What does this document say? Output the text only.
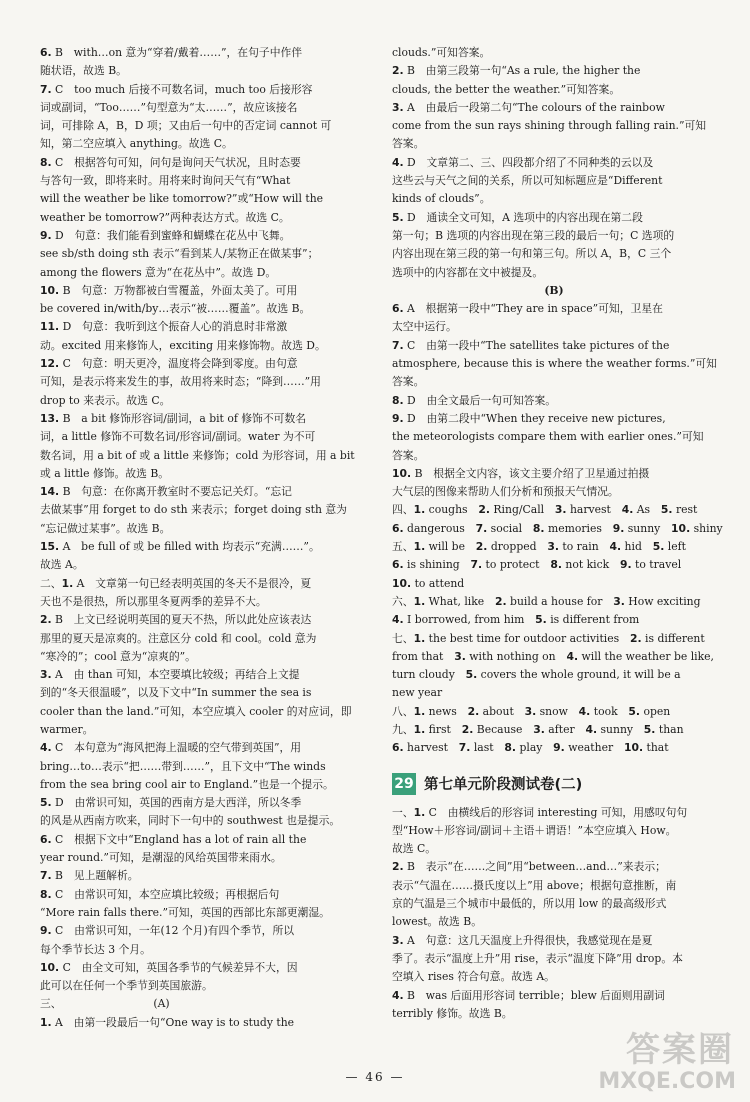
6. B　with…on 意为“穿着/戴着……”，在句子中作伴
随状语，故选 B。
7. C　too much 后接不可数名词，much too 后接形容
词或副词，“Too……”句型意为“太……”，故应该接名
词，可排除 A，B，D 项；又由后一句中的否定词 cannot 可
知，第二空应填入 anything。故选 C。
8. C　根据答句可知，问句是询问天气状况，且时态要
与答句一致，即将来时。用将来时询问天气有“What
will the weather be like tomorrow?”或“How will the
weather be tomorrow?”两种表达方式。故选 C。
9. D　句意：我们能看到蜜蜂和蝴蝶在花丛中飞舞。
see sb/sth doing sth 表示“看到某人/某物正在做某事”；
among the flowers 意为“在花丛中”。故选 D。
10. B　句意：万物都被白雪覆盖，外面太美了。可用
be covered in/with/by…表示“被……覆盖”。故选 B。
11. D　句意：我听到这个振奋人心的消息时非常激
动。excited 用来修饰人，exciting 用来修饰物。故选 D。
12. C　句意：明天更冷，温度将会降到零度。由句意
可知，是表示将来发生的事，故用将来时态；“降到……”用
drop to 来表示。故选 C。
13. B　a bit 修饰形容词/副词，a bit of 修饰不可数名
词，a little 修饰不可数名词/形容词/副词。water 为不可
数名词，用 a bit of 或 a little 来修饰；cold 为形容词，用 a bit
或 a little 修饰。故选 B。
14. B　句意：在你离开教室时不要忘记关灯。“忘记
去做某事”用 forget to do sth 来表示；forget doing sth 意为
“忘记做过某事”。故选 B。
15. A　be full of 或 be filled with 均表示“充满……”。
故选 A。
二、1. A　文章第一句已经表明英国的冬天不是很冷，夏
天也不是很热，所以那里冬夏两季的差异不大。
2. B　上文已经说明英国的夏天不热，所以此处应该表达
那里的夏天是凉爽的。注意区分 cold 和 cool。cold 意为
“寒冷的”；cool 意为“凉爽的”。
3. A　由 than 可知，本空要填比较级；再结合上文提
到的“冬天很温暖”，以及下文中“In summer the sea is
cooler than the land.”可知，本空应填入 cooler 的对应词，即
warmer。
4. C　本句意为“海风把海上温暖的空气带到英国”，用
bring…to…表示“把……带到……”，且下文中“The winds
from the sea bring cool air to England.”也是一个提示。
5. D　由常识可知，英国的西南方是大西洋，所以冬季
的风是从西南方吹来，同时下一句中的 southwest 也是提示。
6. C　根据下文中“England has a lot of rain all the
year round.”可知，是潮湿的风给英国带来雨水。
7. B　见上题解析。
8. C　由常识可知，本空应填比较级；再根据后句
“More rain falls there.”可知，英国的西部比东部更潮湿。
9. C　由常识可知，一年(12 个月)有四个季节，所以
每个季节长达 3 个月。
10. C　由全文可知，英国各季节的气候差异不大，因
此可以在任何一个季节到英国旅游。
三、　　　　　　　　　(A)
1. A　由第一段最后一句“One way is to study the
clouds.”可知答案。
2. B　由第三段第一句“As a rule, the higher the
clouds, the better the weather.”可知答案。
3. A　由最后一段第二句“The colours of the rainbow
come from the sun rays shining through falling rain.”可知
答案。
4. D　文章第二、三、四段都介绍了不同种类的云以及
这些云与天气之间的关系，所以可知标题应是“Different
kinds of clouds”。
5. D　通读全文可知，A 选项中的内容出现在第二段
第一句；B 选项的内容出现在第三段的最后一句；C 选项的
内容出现在第三段的第一句和第三句。所以 A，B，C 三个
选项中的内容都在文中被提及。
(B)
6. A　根据第一段中“They are in space”可知，卫星在
太空中运行。
7. C　由第一段中“The satellites take pictures of the
atmosphere, because this is where the weather forms.”可知
答案。
8. D　由全文最后一句可知答案。
9. D　由第二段中“When they receive new pictures,
the meteorologists compare them with earlier ones.”可知
答案。
10. B　根据全文内容，该文主要介绍了卫星通过拍摄
大气层的图像来帮助人们分析和预报天气情况。
四、1. coughs　2. Ring/Call　3. harvest　4. As　5. rest
6. dangerous　7. social　8. memories　9. sunny　10. shiny
五、1. will be　2. dropped　3. to rain　4. hid　5. left
6. is shining　7. to protect　8. not kick　9. to travel
10. to attend
六、1. What, like　2. build a house for　3. How exciting
4. I borrowed, from him　5. is different from
七、1. the best time for outdoor activities　2. is different
from that　3. with nothing on　4. will the weather be like,
turn cloudy　5. covers the whole ground, it will be a
new year
八、1. news　2. about　3. snow　4. took　5. open
九、1. first　2. Because　3. after　4. sunny　5. than
6. harvest　7. last　8. play　9. weather　10. that
29 第七单元阶段测试卷(二)
一、1. C　由横线后的形容词 interesting 可知，用感叹句句
型“How＋形容词/副词＋主语＋谓语！”本空应填入 How。
故选 C。
2. B　表示“在……之间”用“between…and…”来表示；
表示“气温在……摄氏度以上”用 above；根据句意推断，南
京的气温是三个城市中最低的，所以用 low 的最高级形式
lowest。故选 B。
3. A　句意：这几天温度上升得很快，我感觉现在是夏
季了。表示“温度上升”用 rise，表示“温度下降”用 drop。本
空填入 rises 符合句意。故选 A。
4. B　was 后面用形容词 terrible；blew 后面则用副词
terribly 修饰。故选 B。
— 46 —
答案圈
MXQE.COM
